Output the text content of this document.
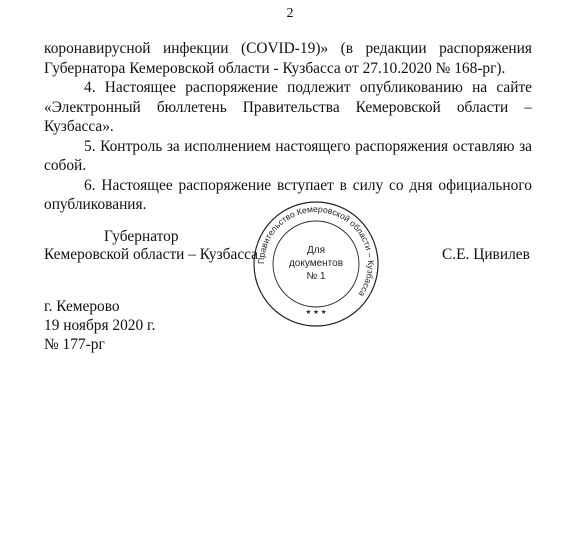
2

коронавирусной инфекции (COVID-19)» (в редакции распоряжения Губернатора Кемеровской области - Кузбасса от 27.10.2020 № 168-рг).

4. Настоящее распоряжение подлежит опубликованию на сайте «Электронный бюллетень Правительства Кемеровской области – Кузбасса».

5. Контроль за исполнением настоящего распоряжения оставляю за собой.

6. Настоящее распоряжение вступает в силу со дня официального опубликования.

Правительство Кемеровской области – Кузбасса
Для
документов
№ 1
★ ★ ★
Губернатор
Кемеровской области – Кузбасса	С.Е. Цивилев
г. Кемерово
19 ноября 2020 г.
№ 177-рг
